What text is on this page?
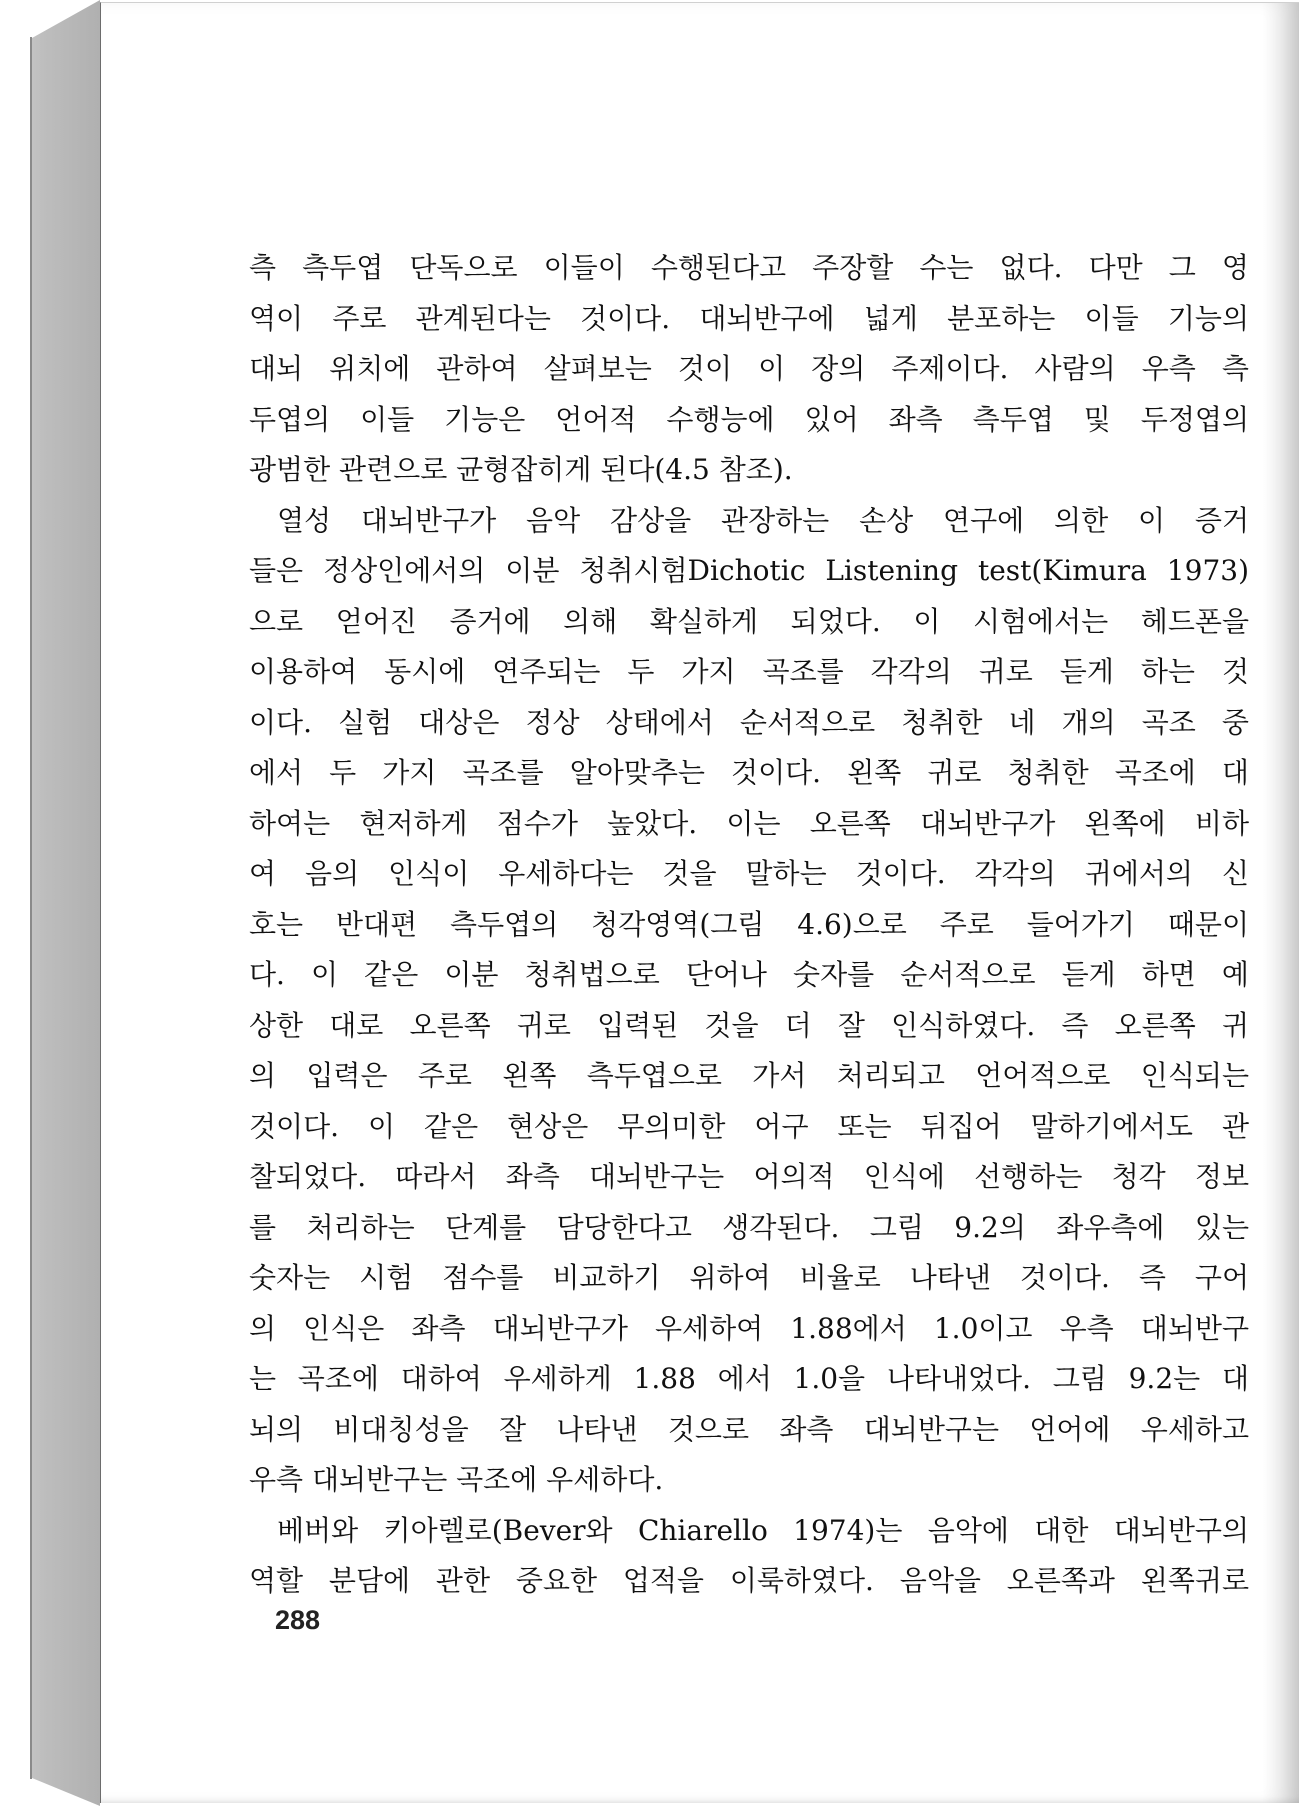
측 측두엽 단독으로 이들이 수행된다고 주장할 수는 없다. 다만 그 영
역이 주로 관계된다는 것이다. 대뇌반구에 넓게 분포하는 이들 기능의
대뇌 위치에 관하여 살펴보는 것이 이 장의 주제이다. 사람의 우측 측
두엽의 이들 기능은 언어적 수행능에 있어 좌측 측두엽 및 두정엽의
광범한 관련으로 균형잡히게 된다(4.5 참조).
열성 대뇌반구가 음악 감상을 관장하는 손상 연구에 의한 이 증거
들은 정상인에서의 이분 청취시험Dichotic Listening test(Kimura 1973)
으로 얻어진 증거에 의해 확실하게 되었다. 이 시험에서는 헤드폰을
이용하여 동시에 연주되는 두 가지 곡조를 각각의 귀로 듣게 하는 것
이다. 실험 대상은 정상 상태에서 순서적으로 청취한 네 개의 곡조 중
에서 두 가지 곡조를 알아맞추는 것이다. 왼쪽 귀로 청취한 곡조에 대
하여는 현저하게 점수가 높았다. 이는 오른쪽 대뇌반구가 왼쪽에 비하
여 음의 인식이 우세하다는 것을 말하는 것이다. 각각의 귀에서의 신
호는 반대편 측두엽의 청각영역(그림 4.6)으로 주로 들어가기 때문이
다. 이 같은 이분 청취법으로 단어나 숫자를 순서적으로 듣게 하면 예
상한 대로 오른쪽 귀로 입력된 것을 더 잘 인식하였다. 즉 오른쪽 귀
의 입력은 주로 왼쪽 측두엽으로 가서 처리되고 언어적으로 인식되는
것이다. 이 같은 현상은 무의미한 어구 또는 뒤집어 말하기에서도 관
찰되었다. 따라서 좌측 대뇌반구는 어의적 인식에 선행하는 청각 정보
를 처리하는 단계를 담당한다고 생각된다. 그림 9.2의 좌우측에 있는
숫자는 시험 점수를 비교하기 위하여 비율로 나타낸 것이다. 즉 구어
의 인식은 좌측 대뇌반구가 우세하여 1.88에서 1.0이고 우측 대뇌반구
는 곡조에 대하여 우세하게 1.88 에서 1.0을 나타내었다. 그림 9.2는 대
뇌의 비대칭성을 잘 나타낸 것으로 좌측 대뇌반구는 언어에 우세하고
우측 대뇌반구는 곡조에 우세하다.
베버와 키아렐로(Bever와 Chiarello 1974)는 음악에 대한 대뇌반구의
역할 분담에 관한 중요한 업적을 이룩하였다. 음악을 오른쪽과 왼쪽귀로
288
